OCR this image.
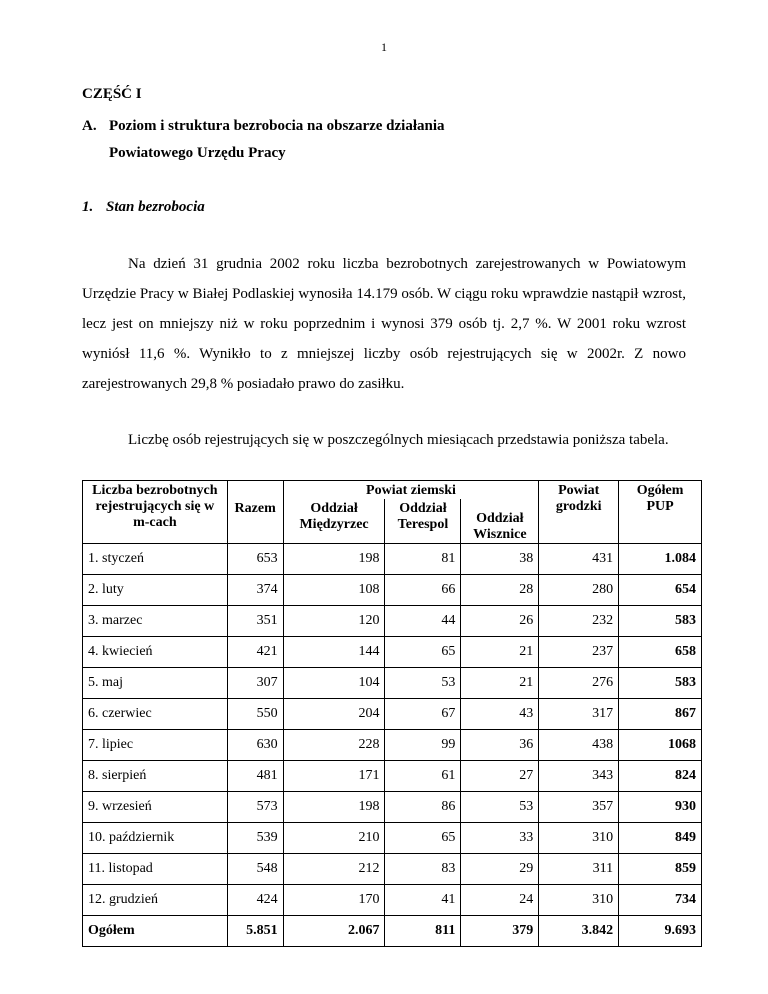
1
CZĘŚĆ I
A. Poziom i struktura bezrobocia na obszarze działania
Powiatowego Urzędu Pracy
1. Stan bezrobocia
Na dzień 31 grudnia 2002 roku liczba bezrobotnych zarejestrowanych w Powiatowym Urzędzie Pracy w Białej Podlaskiej wynosiła 14.179 osób. W ciągu roku wprawdzie nastąpił wzrost, lecz jest on mniejszy niż w roku poprzednim i wynosi 379 osób tj. 2,7 %. W 2001 roku wzrost wyniósł 11,6 %. Wynikło to z mniejszej liczby osób rejestrujących się w 2002r. Z nowo zarejestrowanych 29,8 % posiadało prawo do zasiłku.
Liczbę osób rejestrujących się w poszczególnych miesiącach przedstawia poniższa tabela.
Liczba bezrobotnych rejestrujących się w m-cach	Razem	Powiat ziemski			Powiat grodzki	Ogółem PUP
		Oddział Międzyrzec	Oddział Terespol	Oddział Wisznice		
1. styczeń	653	198	81	38	431	1.084
2. luty	374	108	66	28	280	654
3. marzec	351	120	44	26	232	583
4. kwiecień	421	144	65	21	237	658
5. maj	307	104	53	21	276	583
6. czerwiec	550	204	67	43	317	867
7. lipiec	630	228	99	36	438	1068
8. sierpień	481	171	61	27	343	824
9. wrzesień	573	198	86	53	357	930
10. październik	539	210	65	33	310	849
11. listopad	548	212	83	29	311	859
12. grudzień	424	170	41	24	310	734
Ogółem	5.851	2.067	811	379	3.842	9.693
